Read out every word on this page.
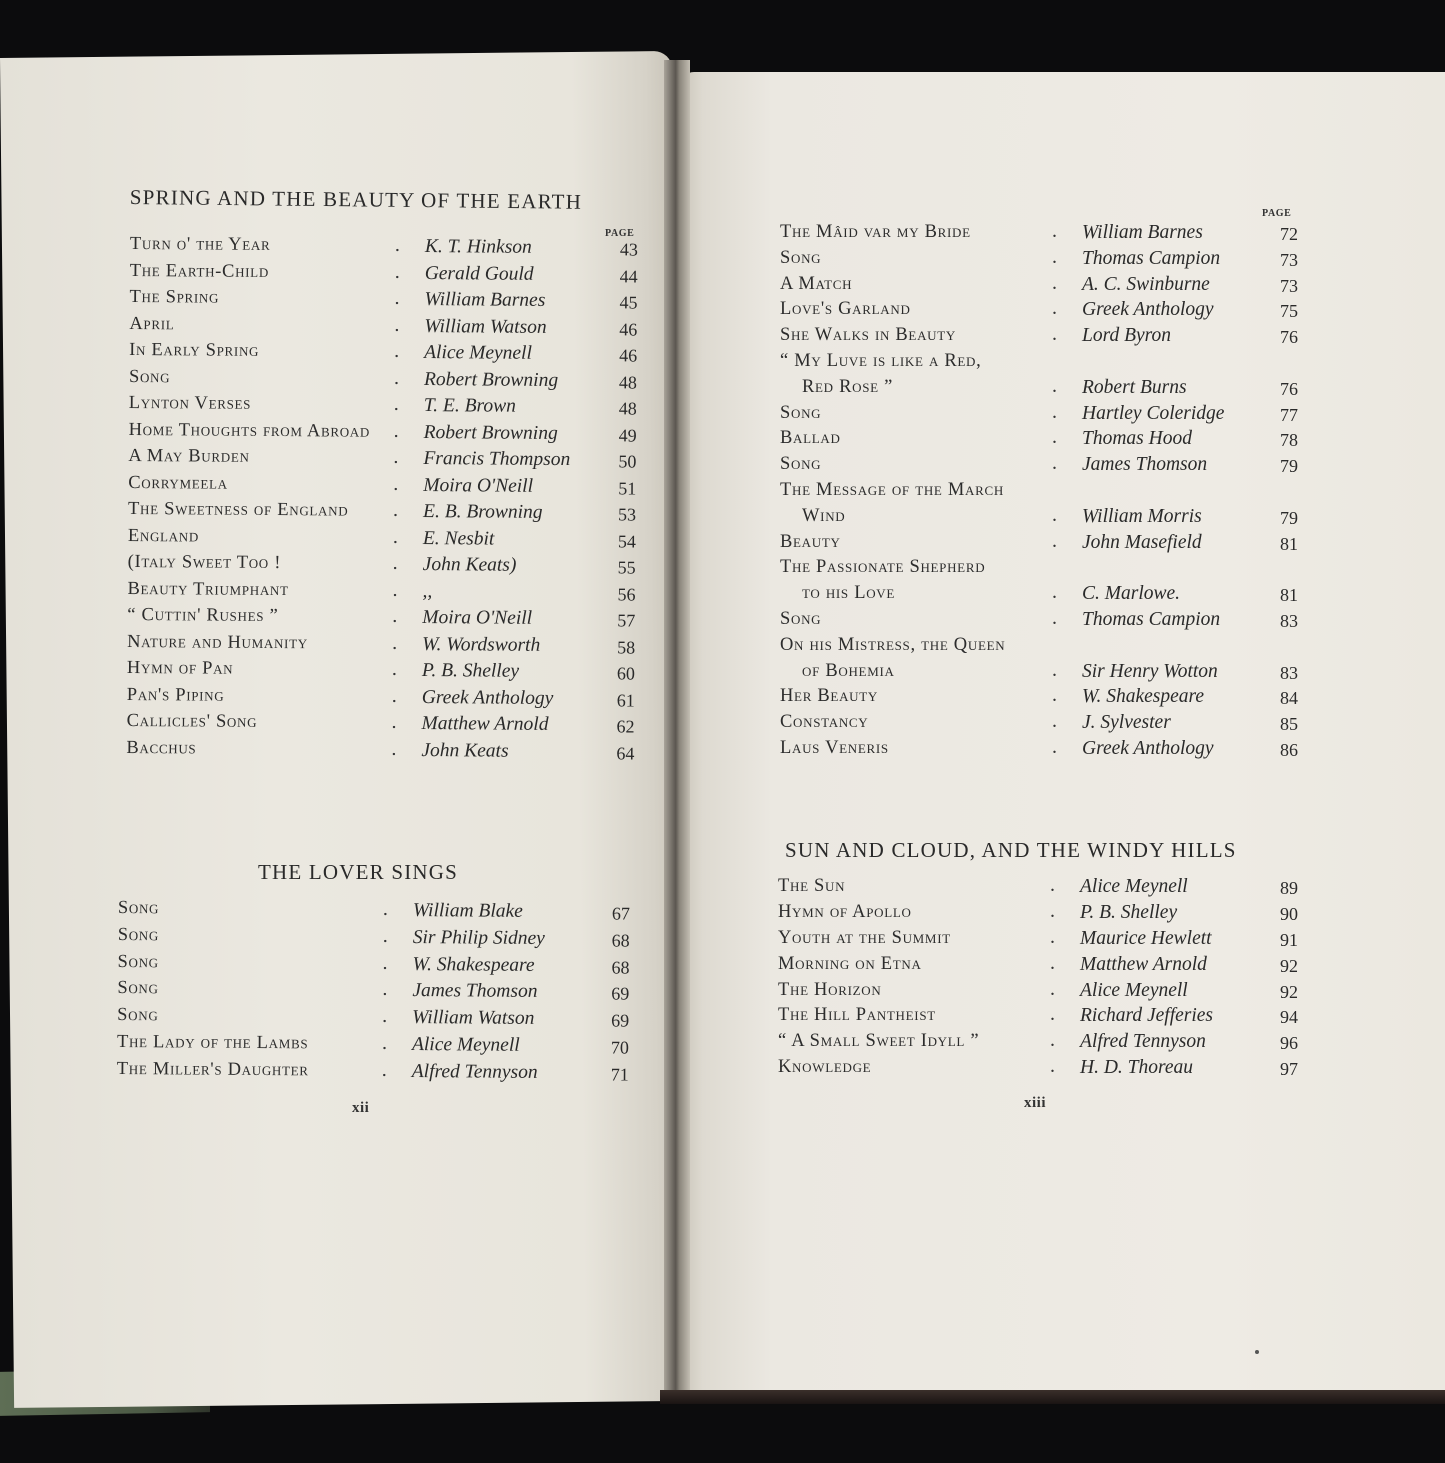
SPRING AND THE BEAUTY OF THE EARTH
PAGE
Turn o' the Year	. K. T. Hinkson	43
The Earth-Child	. Gerald Gould	44
The Spring	. William Barnes	45
April	. William Watson	46
In Early Spring	. Alice Meynell	46
Song	. Robert Browning	48
Lynton Verses	. T. E. Brown	48
Home Thoughts from Abroad . Robert Browning	49
A May Burden	. Francis Thompson	50
Corrymeela	. Moira O'Neill	51
The Sweetness of England . E. B. Browning	53
England	. E. Nesbit	54
(Italy Sweet Too !	. John Keats)	55
Beauty Triumphant	. ,,	56
“ Cuttin' Rushes ”	. Moira O'Neill	57
Nature and Humanity	. W. Wordsworth	58
Hymn of Pan	. P. B. Shelley	60
Pan's Piping	. Greek Anthology	61
Callicles' Song	. Matthew Arnold	62
Bacchus	. John Keats	64
THE LOVER SINGS
Song	. William Blake	67
Song	. Sir Philip Sidney	68
Song	. W. Shakespeare	68
Song	. James Thomson	69
Song	. William Watson	69
The Lady of the Lambs	. Alice Meynell	70
The Miller's Daughter	. Alfred Tennyson	71
xii
PAGE
The Mâid var my Bride	. William Barnes	72
Song	. Thomas Campion	73
A Match	. A. C. Swinburne	73
Love's Garland	. Greek Anthology	75
She Walks in Beauty	. Lord Byron	76
“ My Luve is like a Red,
Red Rose ”	. Robert Burns	76
Song	. Hartley Coleridge	77
Ballad	. Thomas Hood	78
Song	. James Thomson	79
The Message of the March
Wind	. William Morris	79
Beauty	. John Masefield	81
The Passionate Shepherd
to his Love	. C. Marlowe.	81
Song	. Thomas Campion	83
On his Mistress, the Queen
of Bohemia	. Sir Henry Wotton	83
Her Beauty	. W. Shakespeare	84
Constancy	. J. Sylvester	85
Laus Veneris	. Greek Anthology	86
SUN AND CLOUD, AND THE WINDY HILLS
The Sun	. Alice Meynell	89
Hymn of Apollo	. P. B. Shelley	90
Youth at the Summit	. Maurice Hewlett	91
Morning on Etna	. Matthew Arnold	92
The Horizon	. Alice Meynell	92
The Hill Pantheist	. Richard Jefferies	94
“ A Small Sweet Idyll ”	. Alfred Tennyson	96
Knowledge	. H. D. Thoreau	97
xiii
